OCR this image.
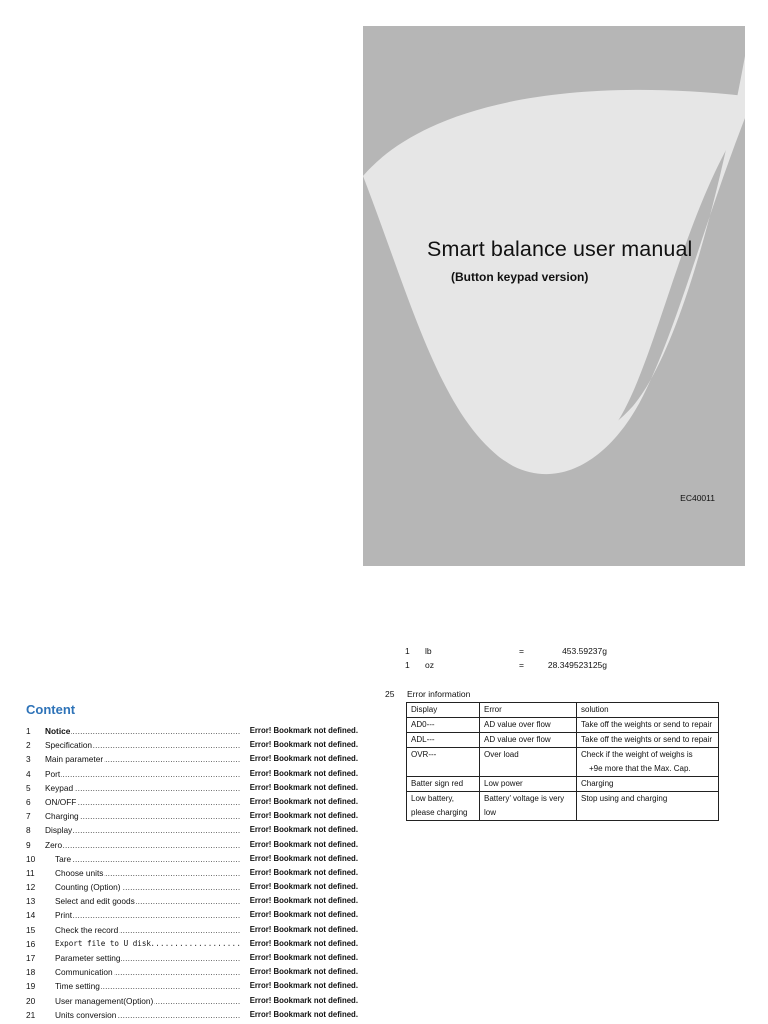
Smart balance user manual
(Button keypad version)
EC40011
1 lb	=	453.59237g
1 oz	=	28.349523125g
25 Error information
Display	Error	solution
AD0---	AD value over flow	Take off the weights or send to repair
ADL---	AD value over flow	Take off the weights or send to repair
OVR---	Over load	Check if the weight of weighs is
+9e more that the Max. Cap.

Batter sign red	Low power	Charging
Low battery, please charging	Battery’ voltage is very low	Stop using and charging
Content
1	Notice .....	Error! Bookmark not defined.
2	Specification .....	Error! Bookmark not defined.
3	Main parameter .....	Error! Bookmark not defined.
4	Port .....	Error! Bookmark not defined.
5	Keypad .....	Error! Bookmark not defined.
6	ON/OFF .....	Error! Bookmark not defined.
7	Charging .....	Error! Bookmark not defined.
8	Display .....	Error! Bookmark not defined.
9	Zero .....	Error! Bookmark not defined.
10	Tare .....	Error! Bookmark not defined.
11	Choose units .....	Error! Bookmark not defined.
12	Counting (Option) .....	Error! Bookmark not defined.
13	Select and edit goods .....	Error! Bookmark not defined.
14	Print .....	Error! Bookmark not defined.
15	Check the record .....	Error! Bookmark not defined.
16	Export file to U disk .....	Error! Bookmark not defined.
17	Parameter setting .....	Error! Bookmark not defined.
18	Communication .....	Error! Bookmark not defined.
19	Time setting .....	Error! Bookmark not defined.
20	User management(Option) .....	Error! Bookmark not defined.
21	Units conversion .....	Error! Bookmark not defined.
